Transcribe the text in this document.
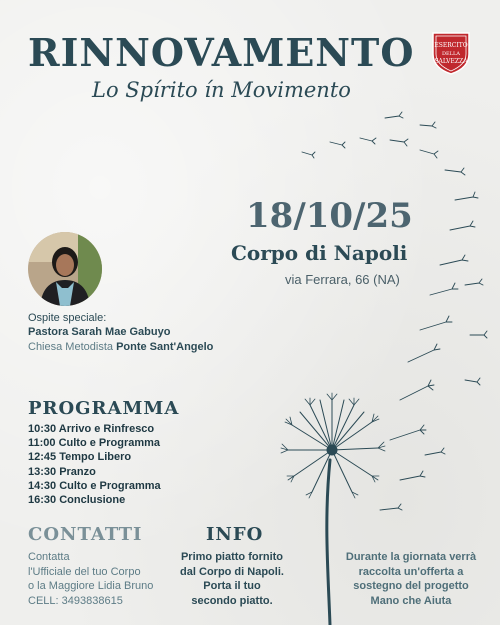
RINNOVAMENTO
Lo Spírito ín Movimento
ESERCITO
DELLA
SALVEZZA
18/10/25
Corpo di Napoli
via Ferrara, 66 (NA)
Ospite speciale:
Pastora Sarah Mae Gabuyo
Chiesa Metodista Ponte Sant'Angelo
PROGRAMMA
10:30 Arrivo e Rinfresco
11:00 Culto e Programma
12:45 Tempo Libero
13:30 Pranzo
14:30 Culto e Programma
16:30 Conclusione
CONTATTI
Contatta
l'Ufficiale del tuo Corpo
o la Maggiore Lidia Bruno
CELL: 3493838615
INFO
Primo piatto fornito
dal Corpo di Napoli.
Porta il tuo
secondo piatto.
Durante la giornata verrà
raccolta un'offerta a
sostegno del progetto
Mano che Aiuta
